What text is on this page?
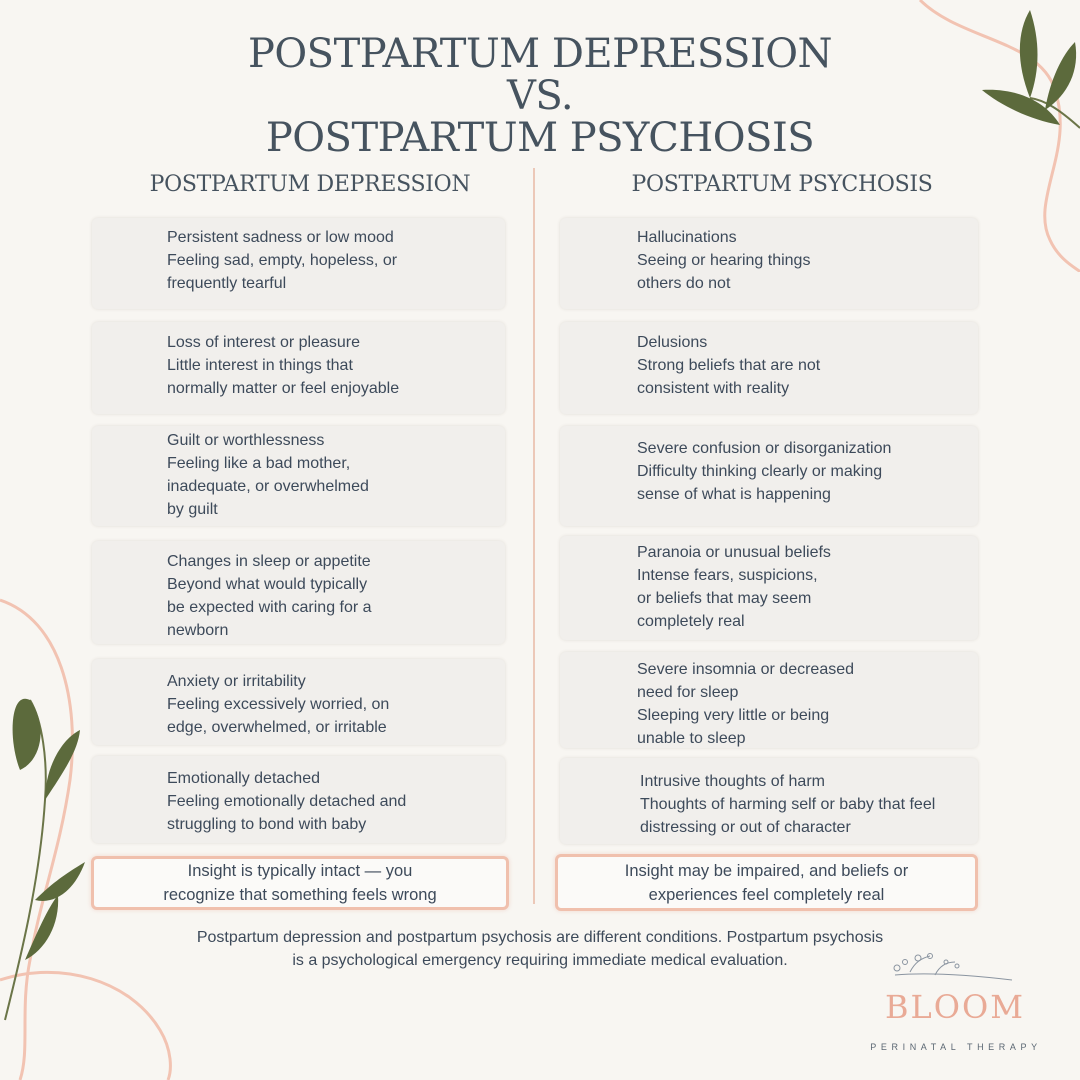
POSTPARTUM DEPRESSION
VS.
POSTPARTUM PSYCHOSIS
POSTPARTUM DEPRESSION	POSTPARTUM PSYCHOSIS
Persistent sadness or low mood
Feeling sad, empty, hopeless, or
frequently tearful
Loss of interest or pleasure
Little interest in things that
normally matter or feel enjoyable
Guilt or worthlessness
Feeling like a bad mother,
inadequate, or overwhelmed
by guilt
Changes in sleep or appetite
Beyond what would typically
be expected with caring for a
newborn
Anxiety or irritability
Feeling excessively worried, on
edge, overwhelmed, or irritable
Emotionally detached
Feeling emotionally detached and
struggling to bond with baby
Insight is typically intact — you
recognize that something feels wrong
Hallucinations
Seeing or hearing things
others do not
Delusions
Strong beliefs that are not
consistent with reality
Severe confusion or disorganization
Difficulty thinking clearly or making
sense of what is happening
Paranoia or unusual beliefs
Intense fears, suspicions,
or beliefs that may seem
completely real
Severe insomnia or decreased
need for sleep
Sleeping very little or being
unable to sleep
Intrusive thoughts of harm
Thoughts of harming self or baby that feel
distressing or out of character
Insight may be impaired, and beliefs or
experiences feel completely real
Postpartum depression and postpartum psychosis are different conditions. Postpartum psychosis
is a psychological emergency requiring immediate medical evaluation.
BLOOM
PERINATAL THERAPY
